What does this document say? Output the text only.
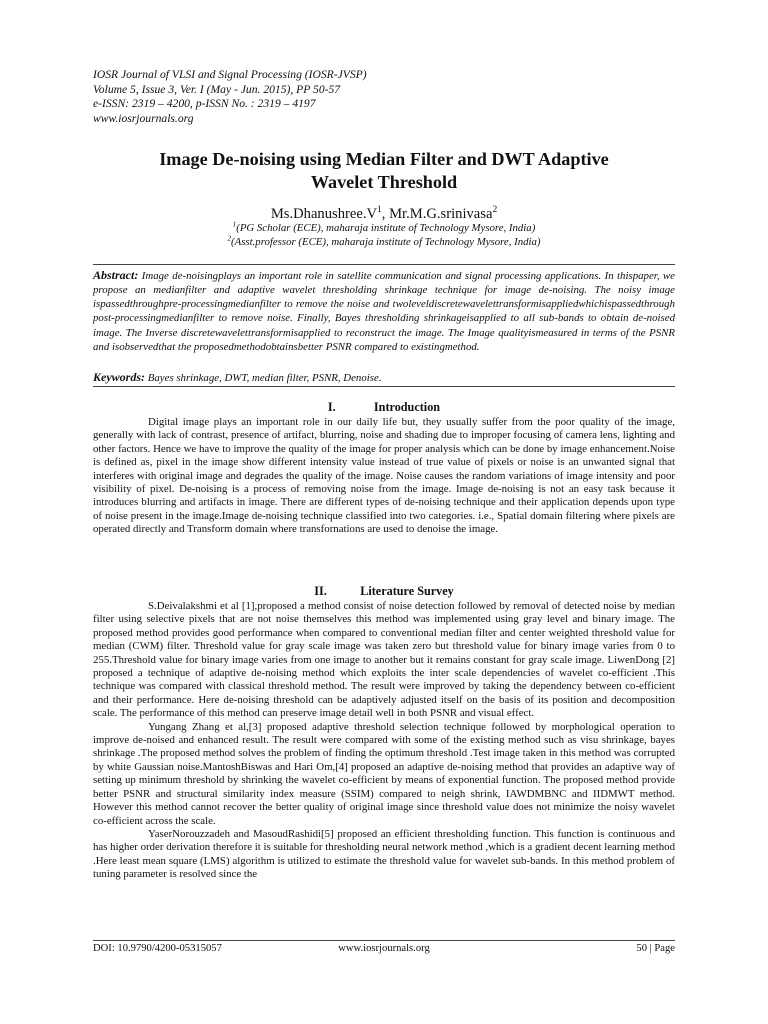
IOSR Journal of VLSI and Signal Processing (IOSR-JVSP)
Volume 5, Issue 3, Ver. I (May - Jun. 2015), PP 50-57
e-ISSN: 2319 – 4200, p-ISSN No. : 2319 – 4197
www.iosrjournals.org
Image De-noising using Median Filter and DWT Adaptive
Wavelet Threshold
$Ms.Dhanushree.V^1$, Mr.M.G.srinivasa$^2$
$^1$(PG Scholar (ECE), maharaja institute of Technology Mysore, India)
$^2$(Asst.professor (ECE), maharaja institute of Technology Mysore, India)
Abstract: Image de-noisingplays an important role in satellite communication and signal processing applications. In thispaper, we propose an medianfilter and adaptive wavelet thresholding shrinkage technique for image de-noising. The noisy image ispassedthroughpre-processingmedianfilter to remove the noise and twoleveldiscretewavelettransformisappliedwhichispassedthrough post-processingmedianfilter to remove noise. Finally, Bayes thresholding shrinkageisapplied to all sub-bands to obtain de-noised image. The Inverse discretewavelettransformisapplied to reconstruct the image. The Image qualityismeasured in terms of the PSNR and isobservedthat the proposedmethodobtainsbetter PSNR compared to existingmethod.
Keywords: Bayes shrinkage, DWT, median filter, PSNR, Denoise.
I.	Introduction

Digital image plays an important role in our daily life but, they usually suffer from the poor quality of the image, generally with lack of contrast, presence of artifact, blurring, noise and shading due to improper focusing of camera lens, lighting and other factors. Hence we have to improve the quality of the image for proper analysis which can be done by image enhancement.Noise is defined as, pixel in the image show different intensity value instead of true value of pixels or noise is an unwanted signal that interferes with original image and degrades the quality of the image. Noise causes the random variations of image intensity and poor visibility of pixel. De-noising is a process of removing noise from the image. Image de-noising is not an easy task because it introduces blurring and artifacts in image. There are different types of de-noising technique and their application depends upon type of noise present in the image.Image de-noising technique classified into two categories. i.e., Spatial domain filtering where pixels are operated directly and Transform domain where transfornations are used to denoise the image.

II.	Literature Survey

S.Deivalakshmi et al [1],proposed a method consist of noise detection followed by removal of detected noise by median filter using selective pixels that are not noise themselves this method was implemented using gray level and binary image. The proposed method provides good performance when compared to conventional median filter and center weighted threshold value for median (CWM) filter. Threshold value for gray scale image was taken zero but threshold value for binary image varies from 0 to 255.Threshold value for binary image varies from one image to another but it remains constant for gray scale image. LiwenDong [2] proposed a technique of adaptive de-noising method which exploits the inter scale dependencies of wavelet co-efficient .This technique was compared with classical threshold method. The result were improved by taking the dependency between co-efficient and their performance. Here de-noising threshold can be adaptively adjusted itself on the basis of its position and decomposition scale. The performance of this method can preserve image detail well in both PSNR and visual effect.

Yungang Zhang et al,[3] proposed adaptive threshold selection technique followed by morphological operation to improve de-noised and enhanced result. The result were compared with some of the existing method such as visu shrinkage, bayes shrinkage .The proposed method solves the problem of finding the optimum threshold .Test image taken in this method was corrupted by white Gaussian noise.MantoshBiswas and Hari Om,[4] proposed an adaptive de-noising method that provides an adaptive way of setting up minimum threshold by shrinking the wavelet co-efficient by means of exponential function. The proposed method provide better PSNR and structural similarity index measure (SSIM) compared to neigh shrink, IAWDMBNC and IIDMWT method. However this method cannot recover the better quality of original image since threshold value does not minimize the noisy wavelet co-efficient across the scale.

YaserNorouzzadeh and MasoudRashidi[5] proposed an efficient thresholding function. This function is continuous and has higher order derivation therefore it is suitable for thresholding neural network method ,which is a gradient decent learning method .Here least mean square (LMS) algorithm is utilized to estimate the threshold value for wavelet sub-bands. In this method problem of tuning parameter is resolved since the

www.iosrjournals.org
DOI: 10.9790/4200-05315057	50 | Page
